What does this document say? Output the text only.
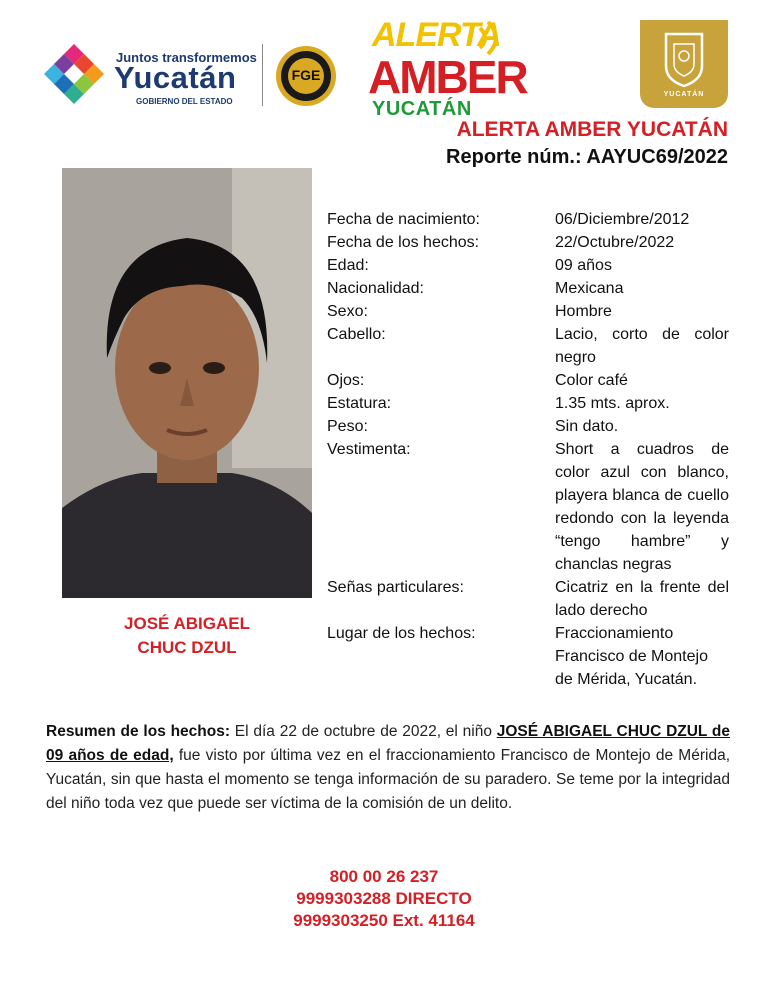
Juntos transformemos
Yucatán
GOBIERNO DEL ESTADO
FGE
ALERTA
AMBER
YUCATÁN
YUCATÁN
ALERTA AMBER YUCATÁN
Reporte núm.: AAYUC69/2022
JOSÉ ABIGAEL
CHUC DZUL
Fecha de nacimiento:	06/Diciembre/2012
Fecha de los hechos:	22/Octubre/2022
Edad:	09 años
Nacionalidad:	Mexicana
Sexo:	Hombre
Cabello:	Lacio, corto de color negro
Ojos:	Color café
Estatura:	1.35 mts. aprox.
Peso:	Sin dato.
Vestimenta:	Short a cuadros de color azul con blanco, playera blanca de cuello redondo con la leyenda “tengo hambre” y chanclas negras
Señas particulares:	Cicatriz en la frente del lado derecho
Lugar de los hechos:	Fraccionamiento Francisco de Montejo de Mérida, Yucatán.
Resumen de los hechos: El día 22 de octubre de 2022, el niño JOSÉ ABIGAEL CHUC DZUL de 09 años de edad, fue visto por última vez en el fraccionamiento Francisco de Montejo de Mérida, Yucatán, sin que hasta el momento se tenga información de su paradero. Se teme por la integridad del niño toda vez que puede ser víctima de la comisión de un delito.
800 00 26 237
9999303288 DIRECTO
9999303250 Ext. 41164
